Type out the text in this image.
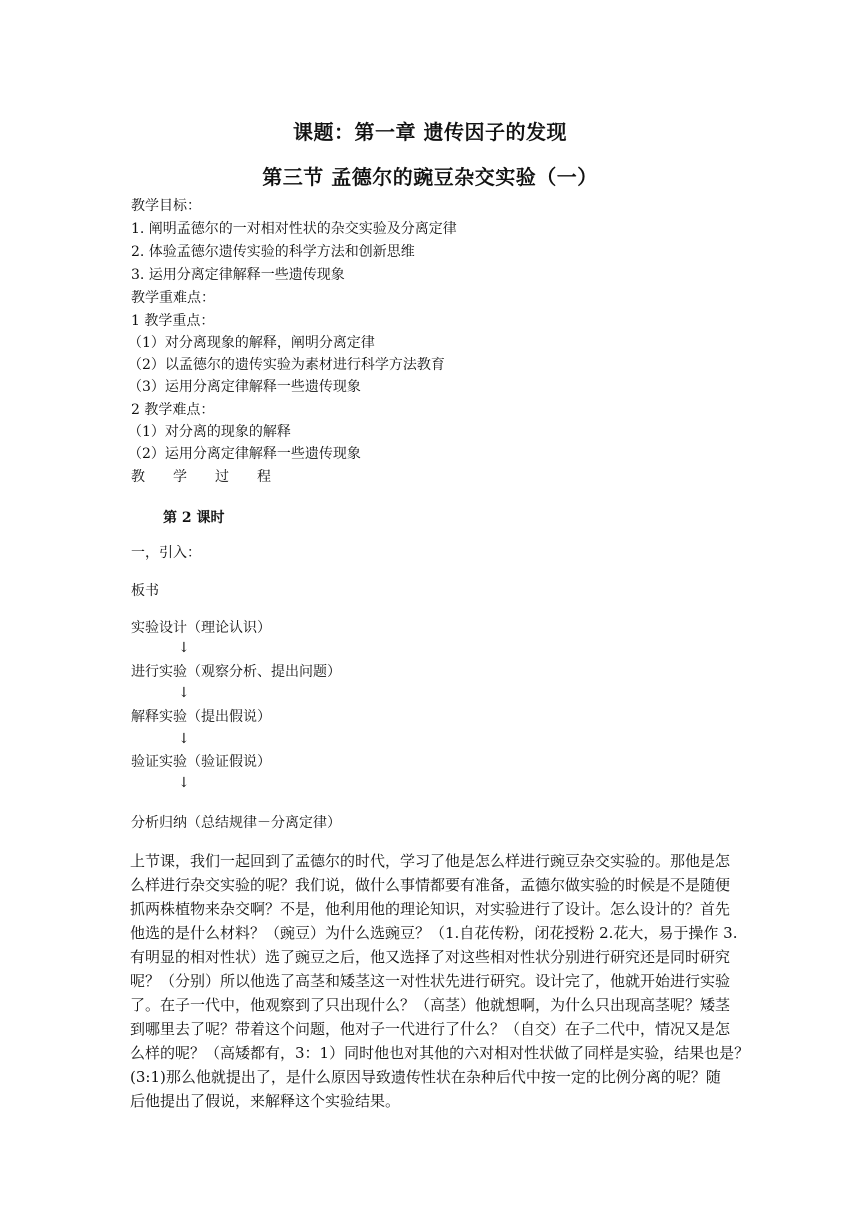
课题：第一章 遗传因子的发现
第三节 孟德尔的豌豆杂交实验（一）
教学目标：
1. 阐明孟德尔的一对相对性状的杂交实验及分离定律
2. 体验孟德尔遗传实验的科学方法和创新思维
3. 运用分离定律解释一些遗传现象
教学重难点：
1 教学重点：
（1）对分离现象的解释，阐明分离定律
（2）以孟德尔的遗传实验为素材进行科学方法教育
（3）运用分离定律解释一些遗传现象
2 教学难点：
（1）对分离的现象的解释
（2）运用分离定律解释一些遗传现象
教 学 过 程
第 2 课时
一，引入：
板书
实验设计（理论认识）
↓
进行实验（观察分析、提出问题）
↓
解释实验（提出假说）
↓
验证实验（验证假说）
↓
分析归纳（总结规律－分离定律）

上节课，我们一起回到了孟德尔的时代，学习了他是怎么样进行豌豆杂交实验的。那他是怎

么样进行杂交实验的呢？我们说，做什么事情都要有准备，孟德尔做实验的时候是不是随便

抓两株植物来杂交啊？不是，他利用他的理论知识，对实验进行了设计。怎么设计的？首先

他选的是什么材料？（豌豆）为什么选豌豆？（1.自花传粉，闭花授粉 2.花大，易于操作 3.

有明显的相对性状）选了豌豆之后，他又选择了对这些相对性状分别进行研究还是同时研究

呢？（分别）所以他选了高茎和矮茎这一对性状先进行研究。设计完了，他就开始进行实验

了。在子一代中，他观察到了只出现什么？（高茎）他就想啊，为什么只出现高茎呢？矮茎

到哪里去了呢？带着这个问题，他对子一代进行了什么？（自交）在子二代中，情况又是怎

么样的呢？（高矮都有，3：1）同时他也对其他的六对相对性状做了同样是实验，结果也是？

(3:1)那么他就提出了，是什么原因导致遗传性状在杂种后代中按一定的比例分离的呢？随

后他提出了假说，来解释这个实验结果。
